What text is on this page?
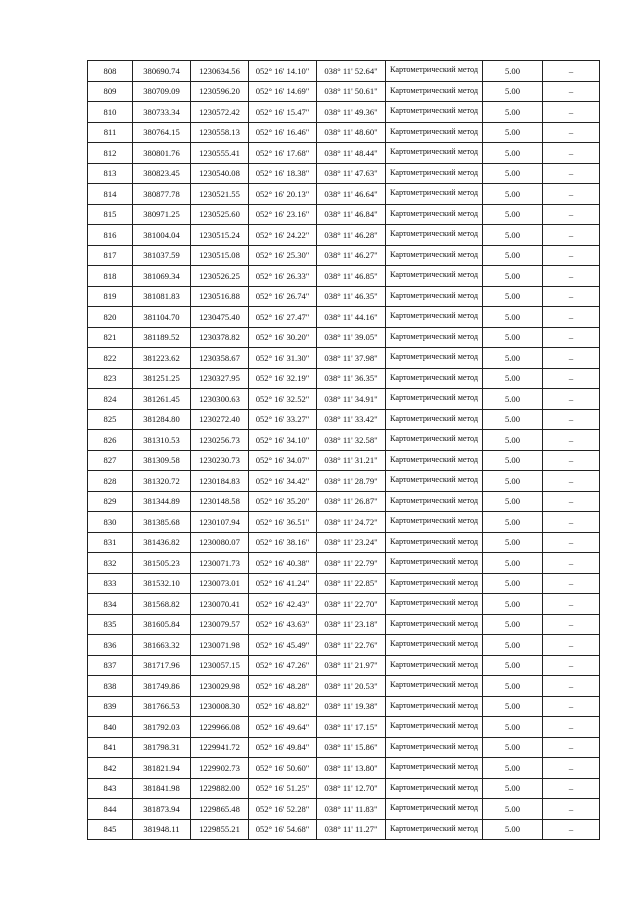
808	380690.74	1230634.56	052° 16' 14.10"	038° 11' 52.64"	Картометрический метод	5.00	–
809	380709.09	1230596.20	052° 16' 14.69"	038° 11' 50.61"	Картометрический метод	5.00	–
810	380733.34	1230572.42	052° 16' 15.47"	038° 11' 49.36"	Картометрический метод	5.00	–
811	380764.15	1230558.13	052° 16' 16.46"	038° 11' 48.60"	Картометрический метод	5.00	–
812	380801.76	1230555.41	052° 16' 17.68"	038° 11' 48.44"	Картометрический метод	5.00	–
813	380823.45	1230540.08	052° 16' 18.38"	038° 11' 47.63"	Картометрический метод	5.00	–
814	380877.78	1230521.55	052° 16' 20.13"	038° 11' 46.64"	Картометрический метод	5.00	–
815	380971.25	1230525.60	052° 16' 23.16"	038° 11' 46.84"	Картометрический метод	5.00	–
816	381004.04	1230515.24	052° 16' 24.22"	038° 11' 46.28"	Картометрический метод	5.00	–
817	381037.59	1230515.08	052° 16' 25.30"	038° 11' 46.27"	Картометрический метод	5.00	–
818	381069.34	1230526.25	052° 16' 26.33"	038° 11' 46.85"	Картометрический метод	5.00	–
819	381081.83	1230516.88	052° 16' 26.74"	038° 11' 46.35"	Картометрический метод	5.00	–
820	381104.70	1230475.40	052° 16' 27.47"	038° 11' 44.16"	Картометрический метод	5.00	–
821	381189.52	1230378.82	052° 16' 30.20"	038° 11' 39.05"	Картометрический метод	5.00	–
822	381223.62	1230358.67	052° 16' 31.30"	038° 11' 37.98"	Картометрический метод	5.00	–
823	381251.25	1230327.95	052° 16' 32.19"	038° 11' 36.35"	Картометрический метод	5.00	–
824	381261.45	1230300.63	052° 16' 32.52"	038° 11' 34.91"	Картометрический метод	5.00	–
825	381284.80	1230272.40	052° 16' 33.27"	038° 11' 33.42"	Картометрический метод	5.00	–
826	381310.53	1230256.73	052° 16' 34.10"	038° 11' 32.58"	Картометрический метод	5.00	–
827	381309.58	1230230.73	052° 16' 34.07"	038° 11' 31.21"	Картометрический метод	5.00	–
828	381320.72	1230184.83	052° 16' 34.42"	038° 11' 28.79"	Картометрический метод	5.00	–
829	381344.89	1230148.58	052° 16' 35.20"	038° 11' 26.87"	Картометрический метод	5.00	–
830	381385.68	1230107.94	052° 16' 36.51"	038° 11' 24.72"	Картометрический метод	5.00	–
831	381436.82	1230080.07	052° 16' 38.16"	038° 11' 23.24"	Картометрический метод	5.00	–
832	381505.23	1230071.73	052° 16' 40.38"	038° 11' 22.79"	Картометрический метод	5.00	–
833	381532.10	1230073.01	052° 16' 41.24"	038° 11' 22.85"	Картометрический метод	5.00	–
834	381568.82	1230070.41	052° 16' 42.43"	038° 11' 22.70"	Картометрический метод	5.00	–
835	381605.84	1230079.57	052° 16' 43.63"	038° 11' 23.18"	Картометрический метод	5.00	–
836	381663.32	1230071.98	052° 16' 45.49"	038° 11' 22.76"	Картометрический метод	5.00	–
837	381717.96	1230057.15	052° 16' 47.26"	038° 11' 21.97"	Картометрический метод	5.00	–
838	381749.86	1230029.98	052° 16' 48.28"	038° 11' 20.53"	Картометрический метод	5.00	–
839	381766.53	1230008.30	052° 16' 48.82"	038° 11' 19.38"	Картометрический метод	5.00	–
840	381792.03	1229966.08	052° 16' 49.64"	038° 11' 17.15"	Картометрический метод	5.00	–
841	381798.31	1229941.72	052° 16' 49.84"	038° 11' 15.86"	Картометрический метод	5.00	–
842	381821.94	1229902.73	052° 16' 50.60"	038° 11' 13.80"	Картометрический метод	5.00	–
843	381841.98	1229882.00	052° 16' 51.25"	038° 11' 12.70"	Картометрический метод	5.00	–
844	381873.94	1229865.48	052° 16' 52.28"	038° 11' 11.83"	Картометрический метод	5.00	–
845	381948.11	1229855.21	052° 16' 54.68"	038° 11' 11.27"	Картометрический метод	5.00	–
